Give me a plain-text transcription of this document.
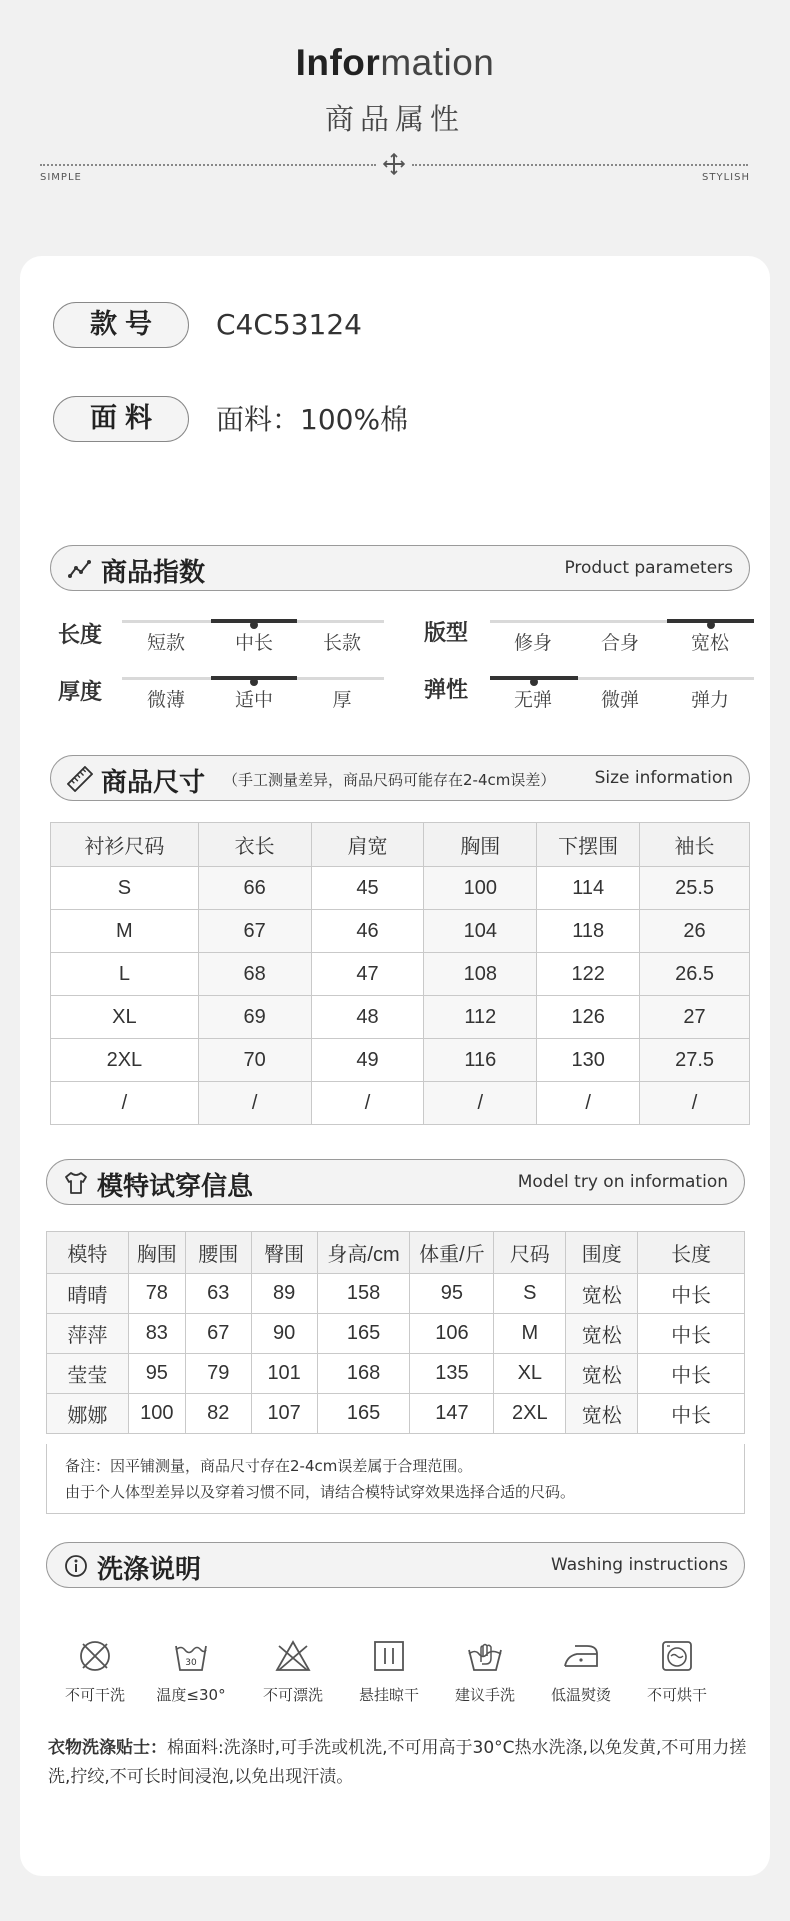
Information
商品属性
SIMPLE	STYLISH
款号	C4C53124
面料	面料：100%棉
商品指数	Product parameters
长度	短款	中长	长款	版型	修身	合身	宽松
厚度	微薄	适中	厚	弹性	无弹	微弹	弹力
商品尺寸 （手工测量差异，商品尺码可能存在2-4cm误差） Size information
衬衫尺码	衣长	肩宽	胸围	下摆围	袖长
S	66	45	100	114	25.5
M	67	46	104	118	26
L	68	47	108	122	26.5
XL	69	48	112	126	27
2XL	70	49	116	130	27.5
/	/	/	/	/	/
模特试穿信息	Model try on information
模特	胸围	腰围	臀围	身高/cm	体重/斤	尺码	围度	长度
晴晴	78	63	89	158	95	S	宽松	中长
萍萍	83	67	90	165	106	M	宽松	中长
莹莹	95	79	101	168	135	XL	宽松	中长
娜娜	100	82	107	165	147	2XL	宽松	中长
备注：因平铺测量，商品尺寸存在2-4cm误差属于合理范围。
由于个人体型差异以及穿着习惯不同，请结合模特试穿效果选择合适的尺码。
洗涤说明	Washing instructions
不可干洗
30
温度≤30°	不可漂洗	悬挂晾干	建议手洗	低温熨烫	不可烘干
衣物洗涤贴士：棉面料:洗涤时,可手洗或机洗,不可用高于30°C热水洗涤,以免发黄,不可用力搓洗,拧绞,不可长时间浸泡,以免出现汗渍。
